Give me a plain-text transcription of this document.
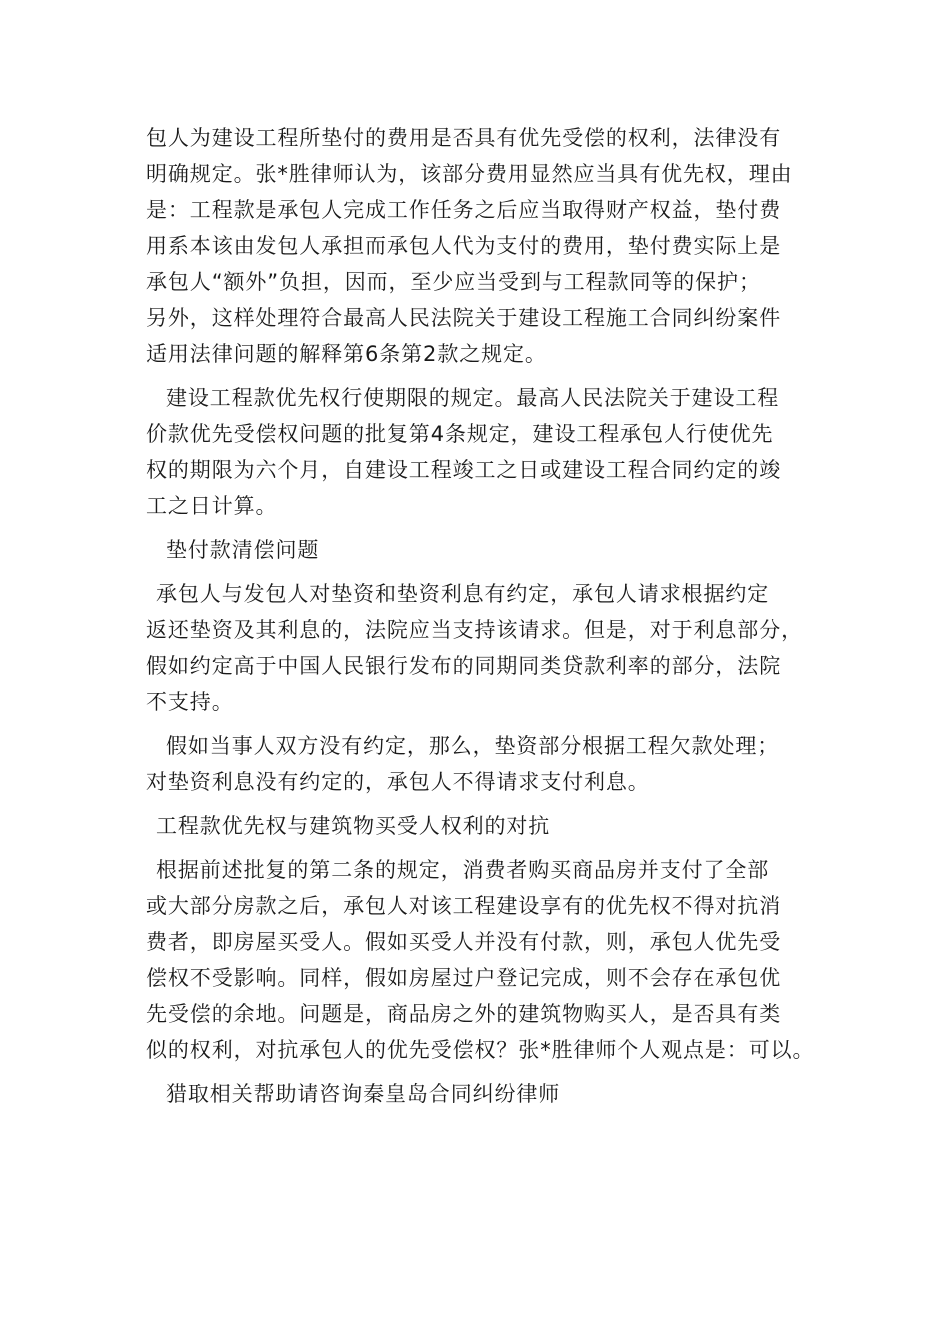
包人为建设工程所垫付的费用是否具有优先受偿的权利，法律没有
明确规定。张*胜律师认为，该部分费用显然应当具有优先权，理由
是：工程款是承包人完成工作任务之后应当取得财产权益，垫付费
用系本该由发包人承担而承包人代为支付的费用，垫付费实际上是
承包人“额外”负担，因而，至少应当受到与工程款同等的保护；
另外，这样处理符合最高人民法院关于建设工程施工合同纠纷案件
适用法律问题的解释第6条第2款之规定。

建设工程款优先权行使期限的规定。最高人民法院关于建设工程
价款优先受偿权问题的批复第4条规定，建设工程承包人行使优先
权的期限为六个月，自建设工程竣工之日或建设工程合同约定的竣
工之日计算。

垫付款清偿问题

承包人与发包人对垫资和垫资利息有约定，承包人请求根据约定
返还垫资及其利息的，法院应当支持该请求。但是，对于利息部分，
假如约定高于中国人民银行发布的同期同类贷款利率的部分，法院
不支持。

假如当事人双方没有约定，那么，垫资部分根据工程欠款处理；
对垫资利息没有约定的，承包人不得请求支付利息。

工程款优先权与建筑物买受人权利的对抗

根据前述批复的第二条的规定，消费者购买商品房并支付了全部
或大部分房款之后，承包人对该工程建设享有的优先权不得对抗消
费者，即房屋买受人。假如买受人并没有付款，则，承包人优先受
偿权不受影响。同样，假如房屋过户登记完成，则不会存在承包优
先受偿的余地。问题是，商品房之外的建筑物购买人，是否具有类
似的权利，对抗承包人的优先受偿权？张*胜律师个人观点是：可以。

猎取相关帮助请咨询秦皇岛合同纠纷律师
